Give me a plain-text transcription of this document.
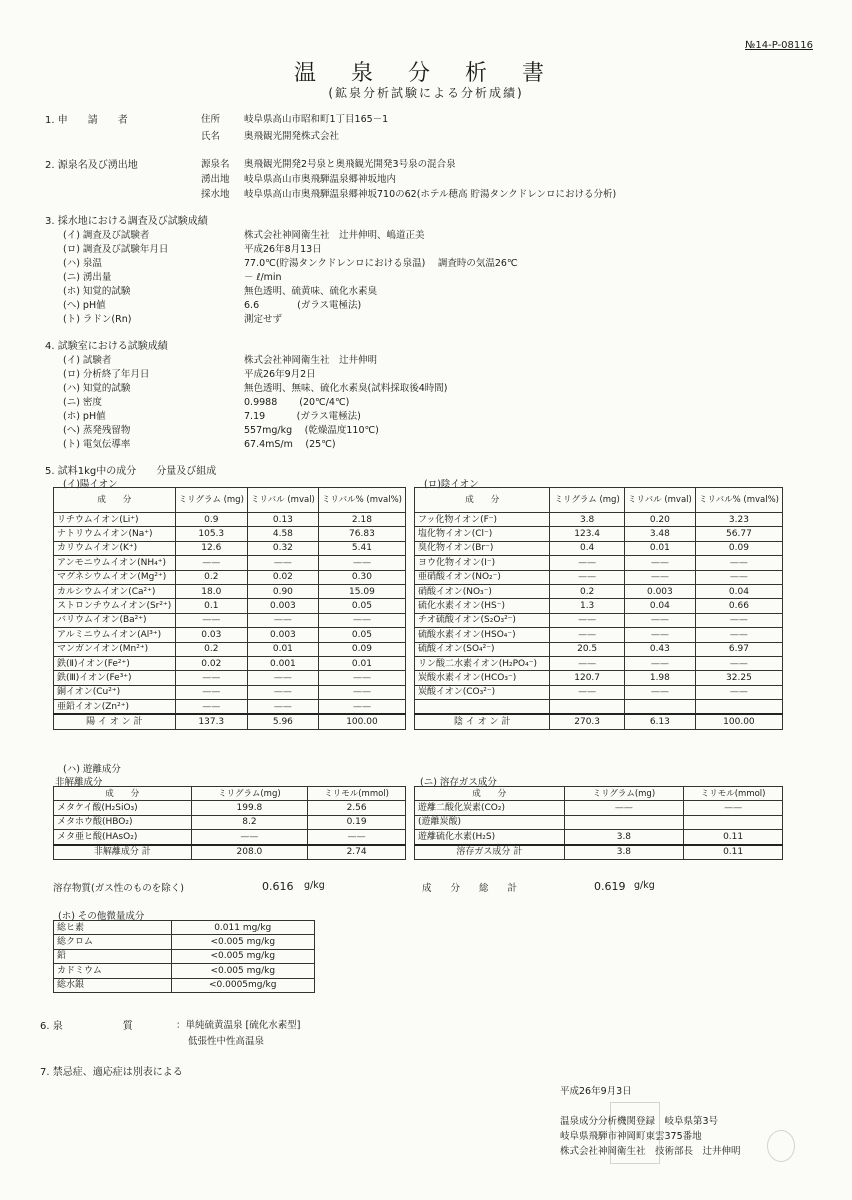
№14-P-08116
温 泉 分 析 書
(鉱泉分析試験による分析成績)
1. 申　　請　　者	住所	岐阜県高山市昭和町1丁目165－1
氏名	奥飛観光開発株式会社
2. 源泉名及び湧出地	源泉名 奥飛観光開発2号泉と奥飛観光開発3号泉の混合泉
湧出地 岐阜県高山市奥飛騨温泉郷神坂地内
採水地 岐阜県高山市奥飛騨温泉郷神坂710の62(ホテル穂高 貯湯タンクドレンロにおける分析)
3. 採水地における調査及び試験成績
(イ) 調査及び試験者	株式会社神岡衛生社　辻井伸明、嶋道正美
(ロ) 調査及び試験年月日	平成26年8月13日
(ハ) 泉温	77.0℃(貯湯タンクドレンロにおける泉温)　 調査時の気温26℃
(ニ) 湧出量	－ ℓ/min
(ホ) 知覚的試験	無色透明、硫黄味、硫化水素臭
(ヘ) pH値	6.6　　　　(ガラス電極法)
(ト) ラドン(Rn)	測定せず
4. 試験室における試験成績
(イ) 試験者	株式会社神岡衛生社　辻井伸明
(ロ) 分析終了年月日	平成26年9月2日
(ハ) 知覚的試験	無色透明、無味、硫化水素臭(試料採取後4時間)
(ニ) 密度	0.9988　　 (20℃/4℃)
(ホ) pH値	7.19　　　 (ガラス電極法)
(ヘ) 蒸発残留物	557mg/kg　 (乾燥温度110℃)
(ト) 電気伝導率	67.4mS/m　 (25℃)
5. 試料1kg中の成分　　分量及び組成
(イ)陽イオン	(ロ)陰イオン
成　　分	ミリグラム (mg)	ミリバル (mval)	ミリバル% (mval%)
リチウムイオン(Li⁺)	0.9	0.13	2.18
ナトリウムイオン(Na⁺)	105.3	4.58	76.83
カリウムイオン(K⁺)	12.6	0.32	5.41
アンモニウムイオン(NH₄⁺)	——	——	——
マグネシウムイオン(Mg²⁺)	0.2	0.02	0.30
カルシウムイオン(Ca²⁺)	18.0	0.90	15.09
ストロンチウムイオン(Sr²⁺)	0.1	0.003	0.05
バリウムイオン(Ba²⁺)	——	——	——
アルミニウムイオン(Al³⁺)	0.03	0.003	0.05
マンガンイオン(Mn²⁺)	0.2	0.01	0.09
鉄(Ⅱ)イオン(Fe²⁺)	0.02	0.001	0.01
鉄(Ⅲ)イオン(Fe³⁺)	——	——	——
銅イオン(Cu²⁺)	——	——	——
亜鉛イオン(Zn²⁺)	——	——	——
陽 イ オ ン 計	137.3	5.96	100.00
成　　分	ミリグラム (mg)	ミリバル (mval)	ミリバル% (mval%)
フッ化物イオン(F⁻)	3.8	0.20	3.23
塩化物イオン(Cl⁻)	123.4	3.48	56.77
臭化物イオン(Br⁻)	0.4	0.01	0.09
ヨウ化物イオン(I⁻)	——	——	——
亜硝酸イオン(NO₂⁻)	——	——	——
硝酸イオン(NO₃⁻)	0.2	0.003	0.04
硫化水素イオン(HS⁻)	1.3	0.04	0.66
チオ硫酸イオン(S₂O₃²⁻)	——	——	——
硫酸水素イオン(HSO₄⁻)	——	——	——
硫酸イオン(SO₄²⁻)	20.5	0.43	6.97
リン酸二水素イオン(H₂PO₄⁻)	——	——	——
炭酸水素イオン(HCO₃⁻)	120.7	1.98	32.25
炭酸イオン(CO₃²⁻)	——	——	——

陰 イ オ ン 計	270.3	6.13	100.00
(ハ) 遊離成分
非解離成分
成　　分	ミリグラム(mg)	ミリモル(mmol)
メタケイ酸(H₂SiO₃)	199.8	2.56
メタホウ酸(HBO₂)	8.2	0.19
メタ亜ヒ酸(HAsO₂)	——	——
非解離成分 計	208.0	2.74
(ニ) 溶存ガス成分
成　　分	ミリグラム(mg)	ミリモル(mmol)
遊離二酸化炭素(CO₂)	——	——
(遊離炭酸)		
遊離硫化水素(H₂S)	3.8	0.11
溶存ガス成分 計	3.8	0.11
溶存物質(ガス性のものを除く)	0.616 g/kg	成　　分　　総　　計	0.619 g/kg
(ホ) その他微量成分
総ヒ素	0.011 mg/kg
総クロム	<0.005 mg/kg
鉛	<0.005 mg/kg
カドミウム	<0.005 mg/kg
総水銀	<0.0005mg/kg
6. 泉　　　　　　質	：単純硫黄温泉 [硫化水素型]
低張性中性高温泉
7. 禁忌症、適応症は別表による
平成26年9月3日
温泉成分分析機関登録　岐阜県第3号
岐阜県飛騨市神岡町東雲375番地
株式会社神岡衛生社　技術部長　辻井伸明
